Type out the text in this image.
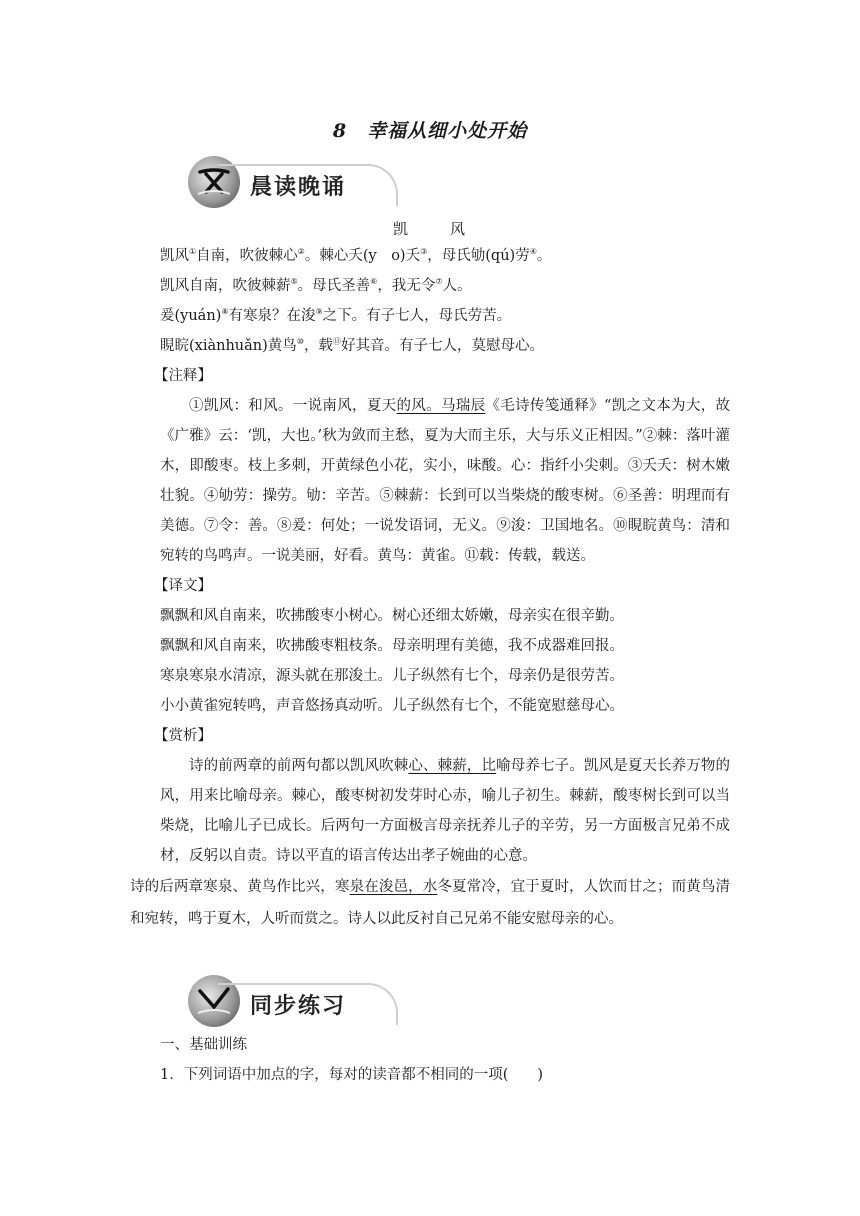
8　幸福从细小处开始
晨读晚诵
凯	风
凯风①自南，吹彼棘心②。棘心夭(y　o)夭③，母氏劬(qú)劳④。
凯风自南，吹彼棘薪⑤。母氏圣善⑥，我无令⑦人。
爰(yuán)⑧有寒泉？在浚⑨之下。有子七人，母氏劳苦。
睍睆(xiànhuǎn)黄鸟⑩，载⑪好其音。有子七人，莫慰母心。
【注释】
①凯风：和风。一说南风，夏天的风。马瑞辰《毛诗传笺通释》“凯之文本为大，故《广雅》云：‘凯，大也。’秋为敛而主愁，夏为大而主乐，大与乐义正相因。”②棘：落叶灌木，即酸枣。枝上多刺，开黄绿色小花，实小，味酸。心：指纤小尖刺。③夭夭：树木嫩壮貌。④劬劳：操劳。劬：辛苦。⑤棘薪：长到可以当柴烧的酸枣树。⑥圣善：明理而有美德。⑦令：善。⑧爰：何处；一说发语词，无义。⑨浚：卫国地名。⑩睍睆黄鸟：清和宛转的鸟鸣声。一说美丽，好看。黄鸟：黄雀。⑪载：传载，载送。
【译文】
飘飘和风自南来，吹拂酸枣小树心。树心还细太娇嫩，母亲实在很辛勤。
飘飘和风自南来，吹拂酸枣粗枝条。母亲明理有美德，我不成器难回报。
寒泉寒泉水清凉，源头就在那浚土。儿子纵然有七个，母亲仍是很劳苦。
小小黄雀宛转鸣，声音悠扬真动听。儿子纵然有七个，不能宽慰慈母心。
【赏析】
诗的前两章的前两句都以凯风吹棘心、棘薪，比喻母养七子。凯风是夏天长养万物的风，用来比喻母亲。棘心，酸枣树初发芽时心赤，喻儿子初生。棘薪，酸枣树长到可以当柴烧，比喻儿子已成长。后两句一方面极言母亲抚养儿子的辛劳，另一方面极言兄弟不成材，反躬以自责。诗以平直的语言传达出孝子婉曲的心意。
诗的后两章寒泉、黄鸟作比兴，寒泉在浚邑，水冬夏常冷，宜于夏时，人饮而甘之；而黄鸟清和宛转，鸣于夏木，人听而赏之。诗人以此反衬自己兄弟不能安慰母亲的心。
同步练习
一、基础训练
1．下列词语中加点的字，每对的读音都不相同的一项(　　)
